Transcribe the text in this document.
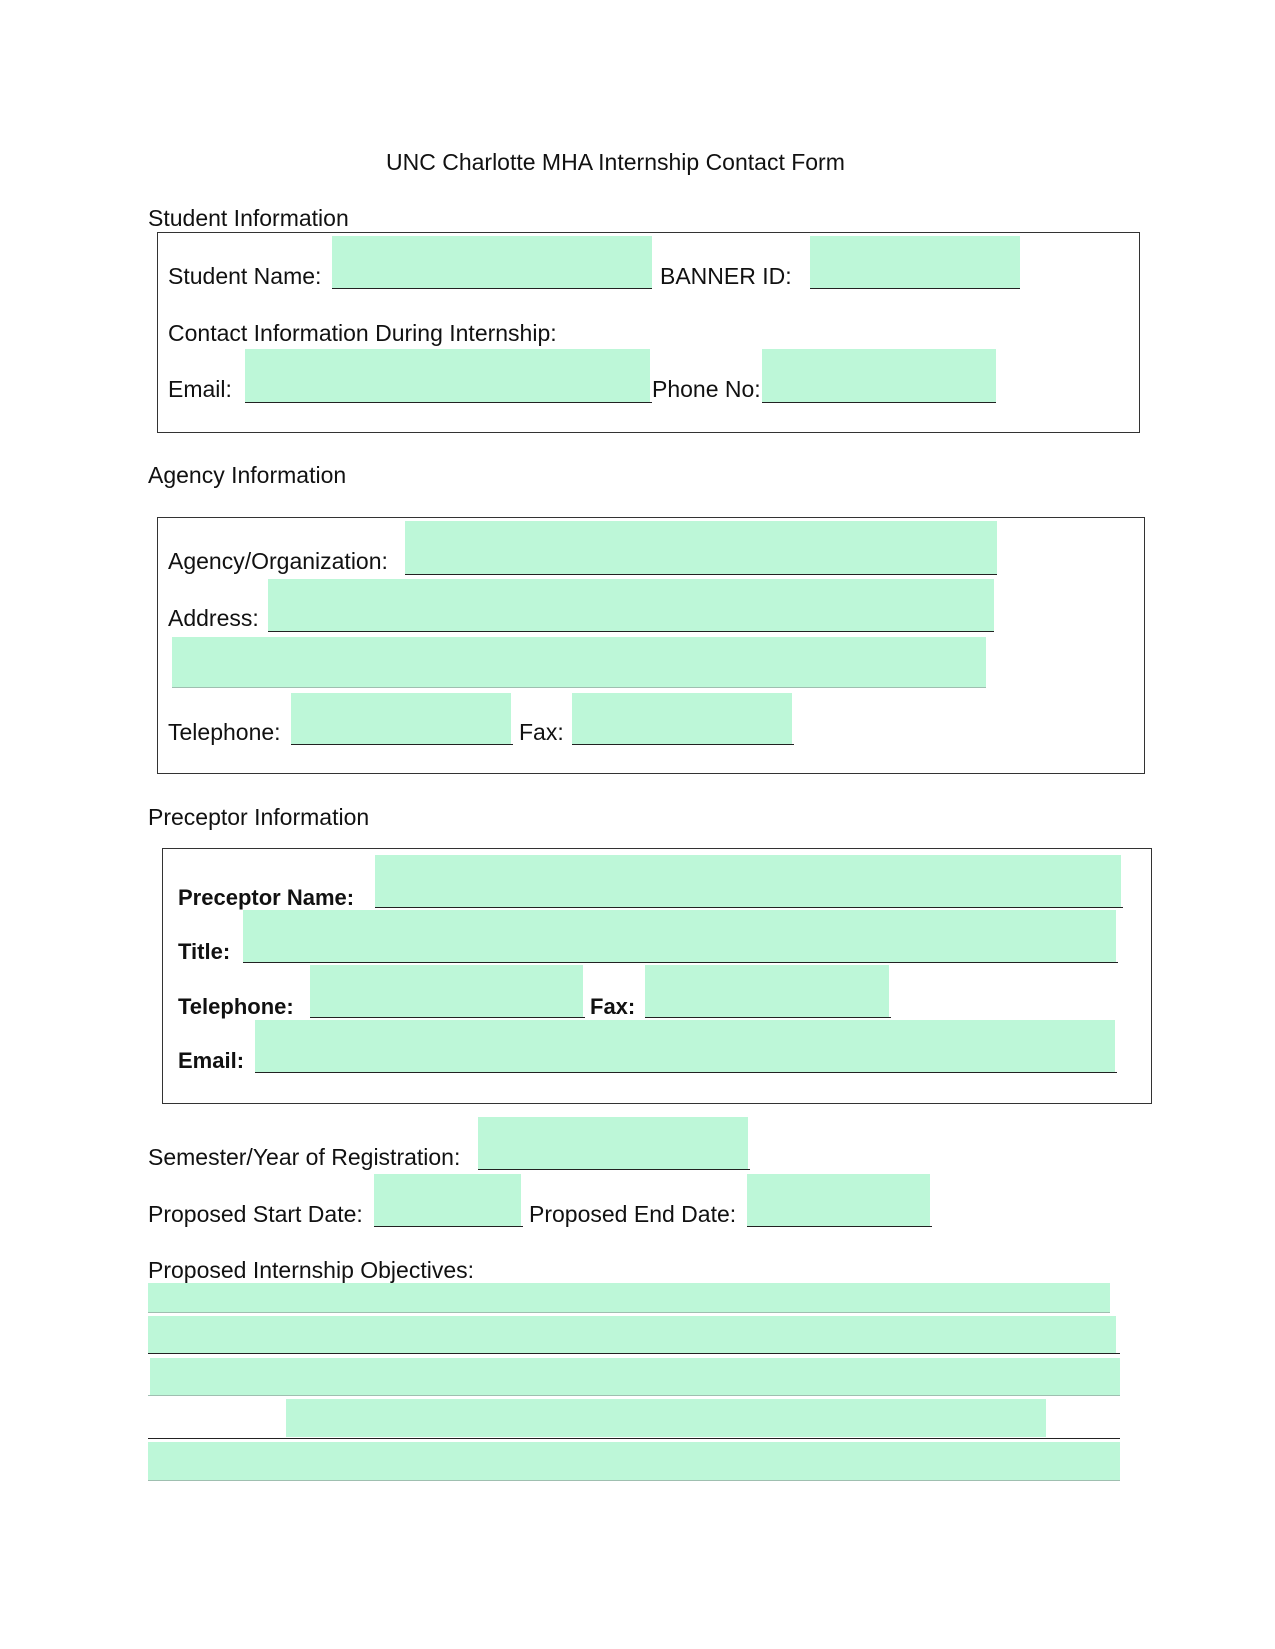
UNC Charlotte MHA Internship Contact Form
Student Information
Student Name:	BANNER ID:
Contact Information During Internship:
Email:	Phone No:
Agency Information
Agency/Organization:
Address:
Telephone:	Fax:
Preceptor Information
Preceptor Name:
Title:
Telephone:	Fax:
Email:
Semester/Year of Registration:
Proposed Start Date:	Proposed End Date:
Proposed Internship Objectives:
